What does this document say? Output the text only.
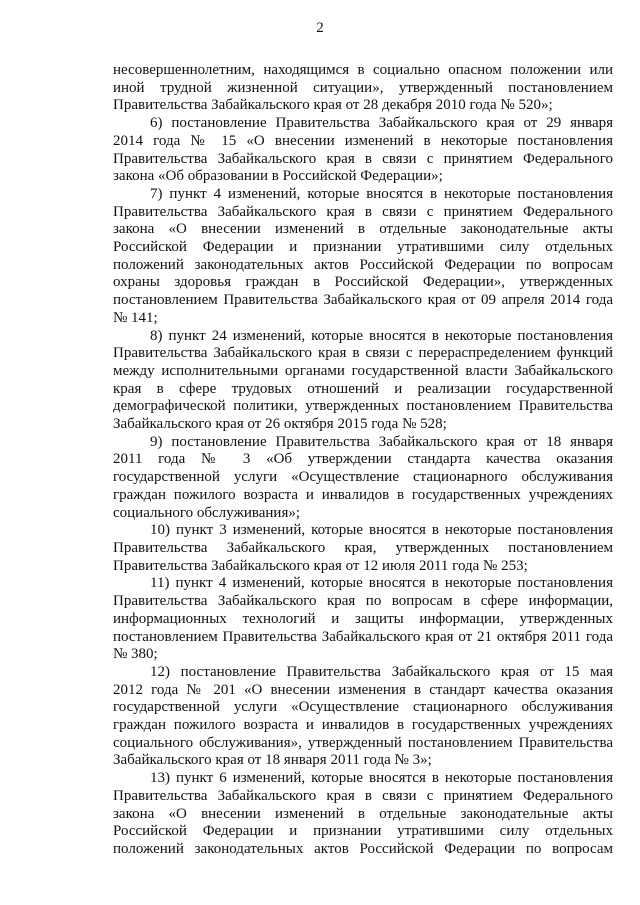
2
несовершеннолетним, находящимся в социально опасном положении или
иной трудной жизненной ситуации», утвержденный постановлением
Правительства Забайкальского края от 28 декабря 2010 года № 520»;
6) постановление Правительства Забайкальского края от 29 января
2014 года № 15 «О внесении изменений в некоторые постановления
Правительства Забайкальского края в связи с принятием Федерального
закона «Об образовании в Российской Федерации»;
7) пункт 4 изменений, которые вносятся в некоторые постановления
Правительства Забайкальского края в связи с принятием Федерального
закона «О внесении изменений в отдельные законодательные акты
Российской Федерации и признании утратившими силу отдельных
положений законодательных актов Российской Федерации по вопросам
охраны здоровья граждан в Российской Федерации», утвержденных
постановлением Правительства Забайкальского края от 09 апреля 2014 года
№ 141;
8) пункт 24 изменений, которые вносятся в некоторые постановления
Правительства Забайкальского края в связи с перераспределением функций
между исполнительными органами государственной власти Забайкальского
края в сфере трудовых отношений и реализации государственной
демографической политики, утвержденных постановлением Правительства
Забайкальского края от 26 октября 2015 года № 528;
9) постановление Правительства Забайкальского края от 18 января
2011 года № 3 «Об утверждении стандарта качества оказания
государственной услуги «Осуществление стационарного обслуживания
граждан пожилого возраста и инвалидов в государственных учреждениях
социального обслуживания»;
10) пункт 3 изменений, которые вносятся в некоторые постановления
Правительства Забайкальского края, утвержденных постановлением
Правительства Забайкальского края от 12 июля 2011 года № 253;
11) пункт 4 изменений, которые вносятся в некоторые постановления
Правительства Забайкальского края по вопросам в сфере информации,
информационных технологий и защиты информации, утвержденных
постановлением Правительства Забайкальского края от 21 октября 2011 года
№ 380;
12) постановление Правительства Забайкальского края от 15 мая
2012 года № 201 «О внесении изменения в стандарт качества оказания
государственной услуги «Осуществление стационарного обслуживания
граждан пожилого возраста и инвалидов в государственных учреждениях
социального обслуживания», утвержденный постановлением Правительства
Забайкальского края от 18 января 2011 года № 3»;
13) пункт 6 изменений, которые вносятся в некоторые постановления
Правительства Забайкальского края в связи с принятием Федерального
закона «О внесении изменений в отдельные законодательные акты
Российской Федерации и признании утратившими силу отдельных
положений законодательных актов Российской Федерации по вопросам
